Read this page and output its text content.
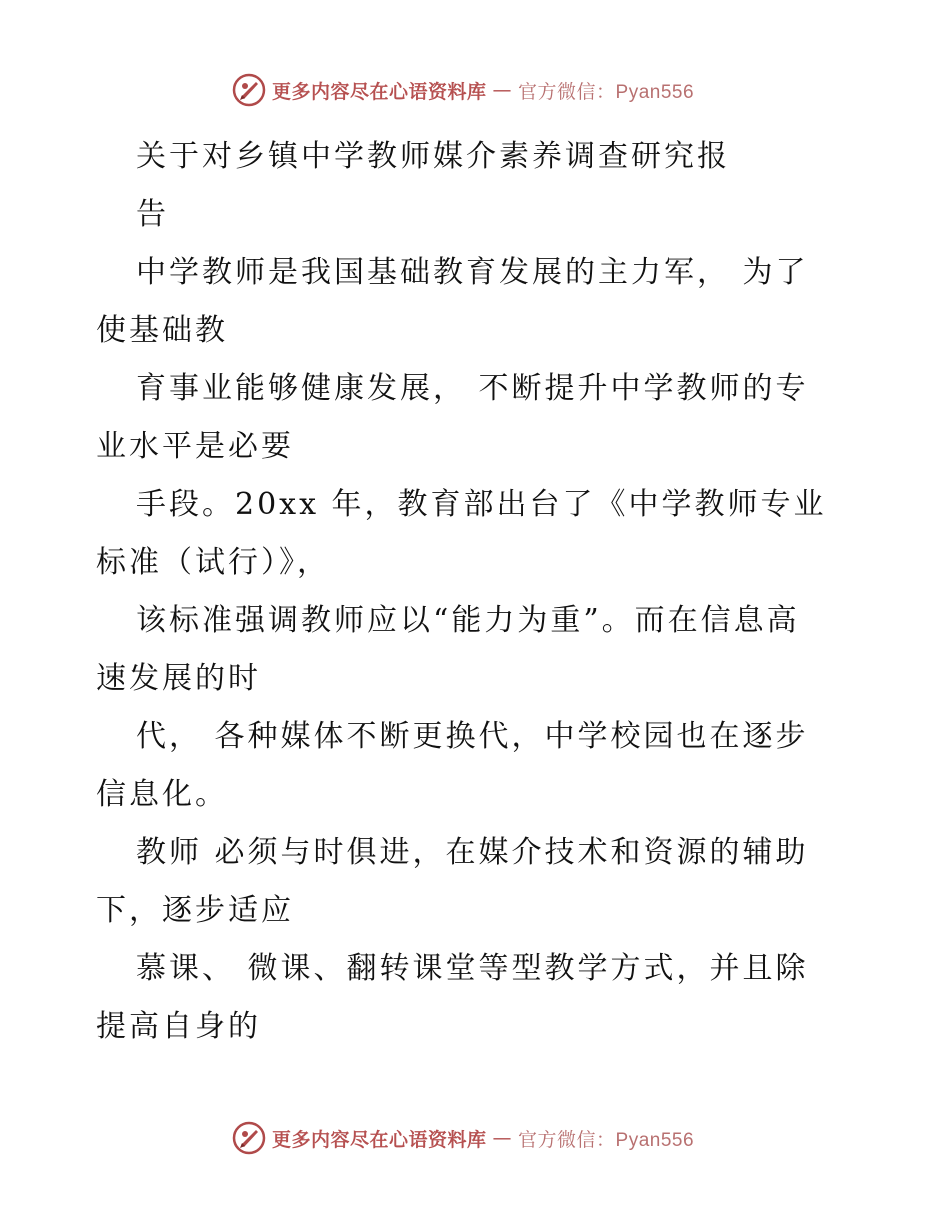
更多内容尽在心语资料库 — 官方微信：Pyan556
关于对乡镇中学教师媒介素养调查研究报
告
中学教师是我国基础教育发展的主力军， 为了
使基础教
育事业能够健康发展， 不断提升中学教师的专
业水平是必要
手段。20xx 年，教育部出台了《中学教师专业
标准（试行）》，
该标准强调教师应以“能力为重”。而在信息高
速发展的时
代， 各种媒体不断更换代，中学校园也在逐步
信息化。
教师 必须与时俱进，在媒介技术和资源的辅助
下，逐步适应
慕课、 微课、翻转课堂等型教学方式，并且除
提高自身的
更多内容尽在心语资料库 — 官方微信：Pyan556
